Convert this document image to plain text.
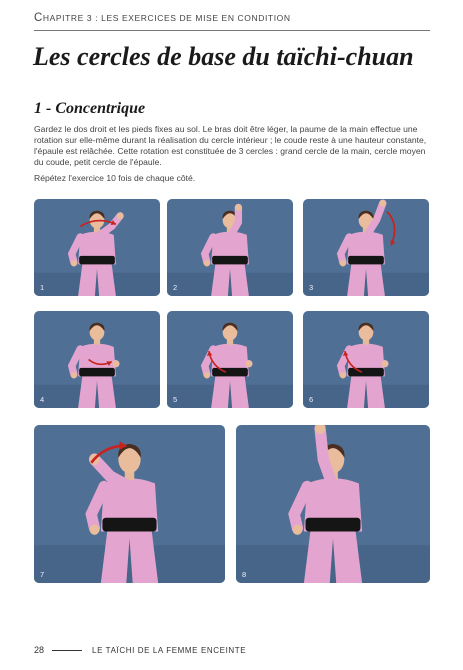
CHAPITRE 3 : LES EXERCICES DE MISE EN CONDITION
Les cercles de base du taïchi-chuan
1 - Concentrique

Gardez le dos droit et les pieds fixes au sol. Le bras doit être léger, la paume de la main effectue une rotation sur elle-même durant la réalisation du cercle intérieur ; le coude reste à une hauteur constante, l'épaule est relâchée. Cette rotation est constituée de 3 cercles : grand cercle de la main, cercle moyen du coude, petit cercle de l'épaule.

Répétez l'exercice 10 fois de chaque côté.

1	2	3
4	5	6
7	8
28	LE TAÏCHI DE LA FEMME ENCEINTE
